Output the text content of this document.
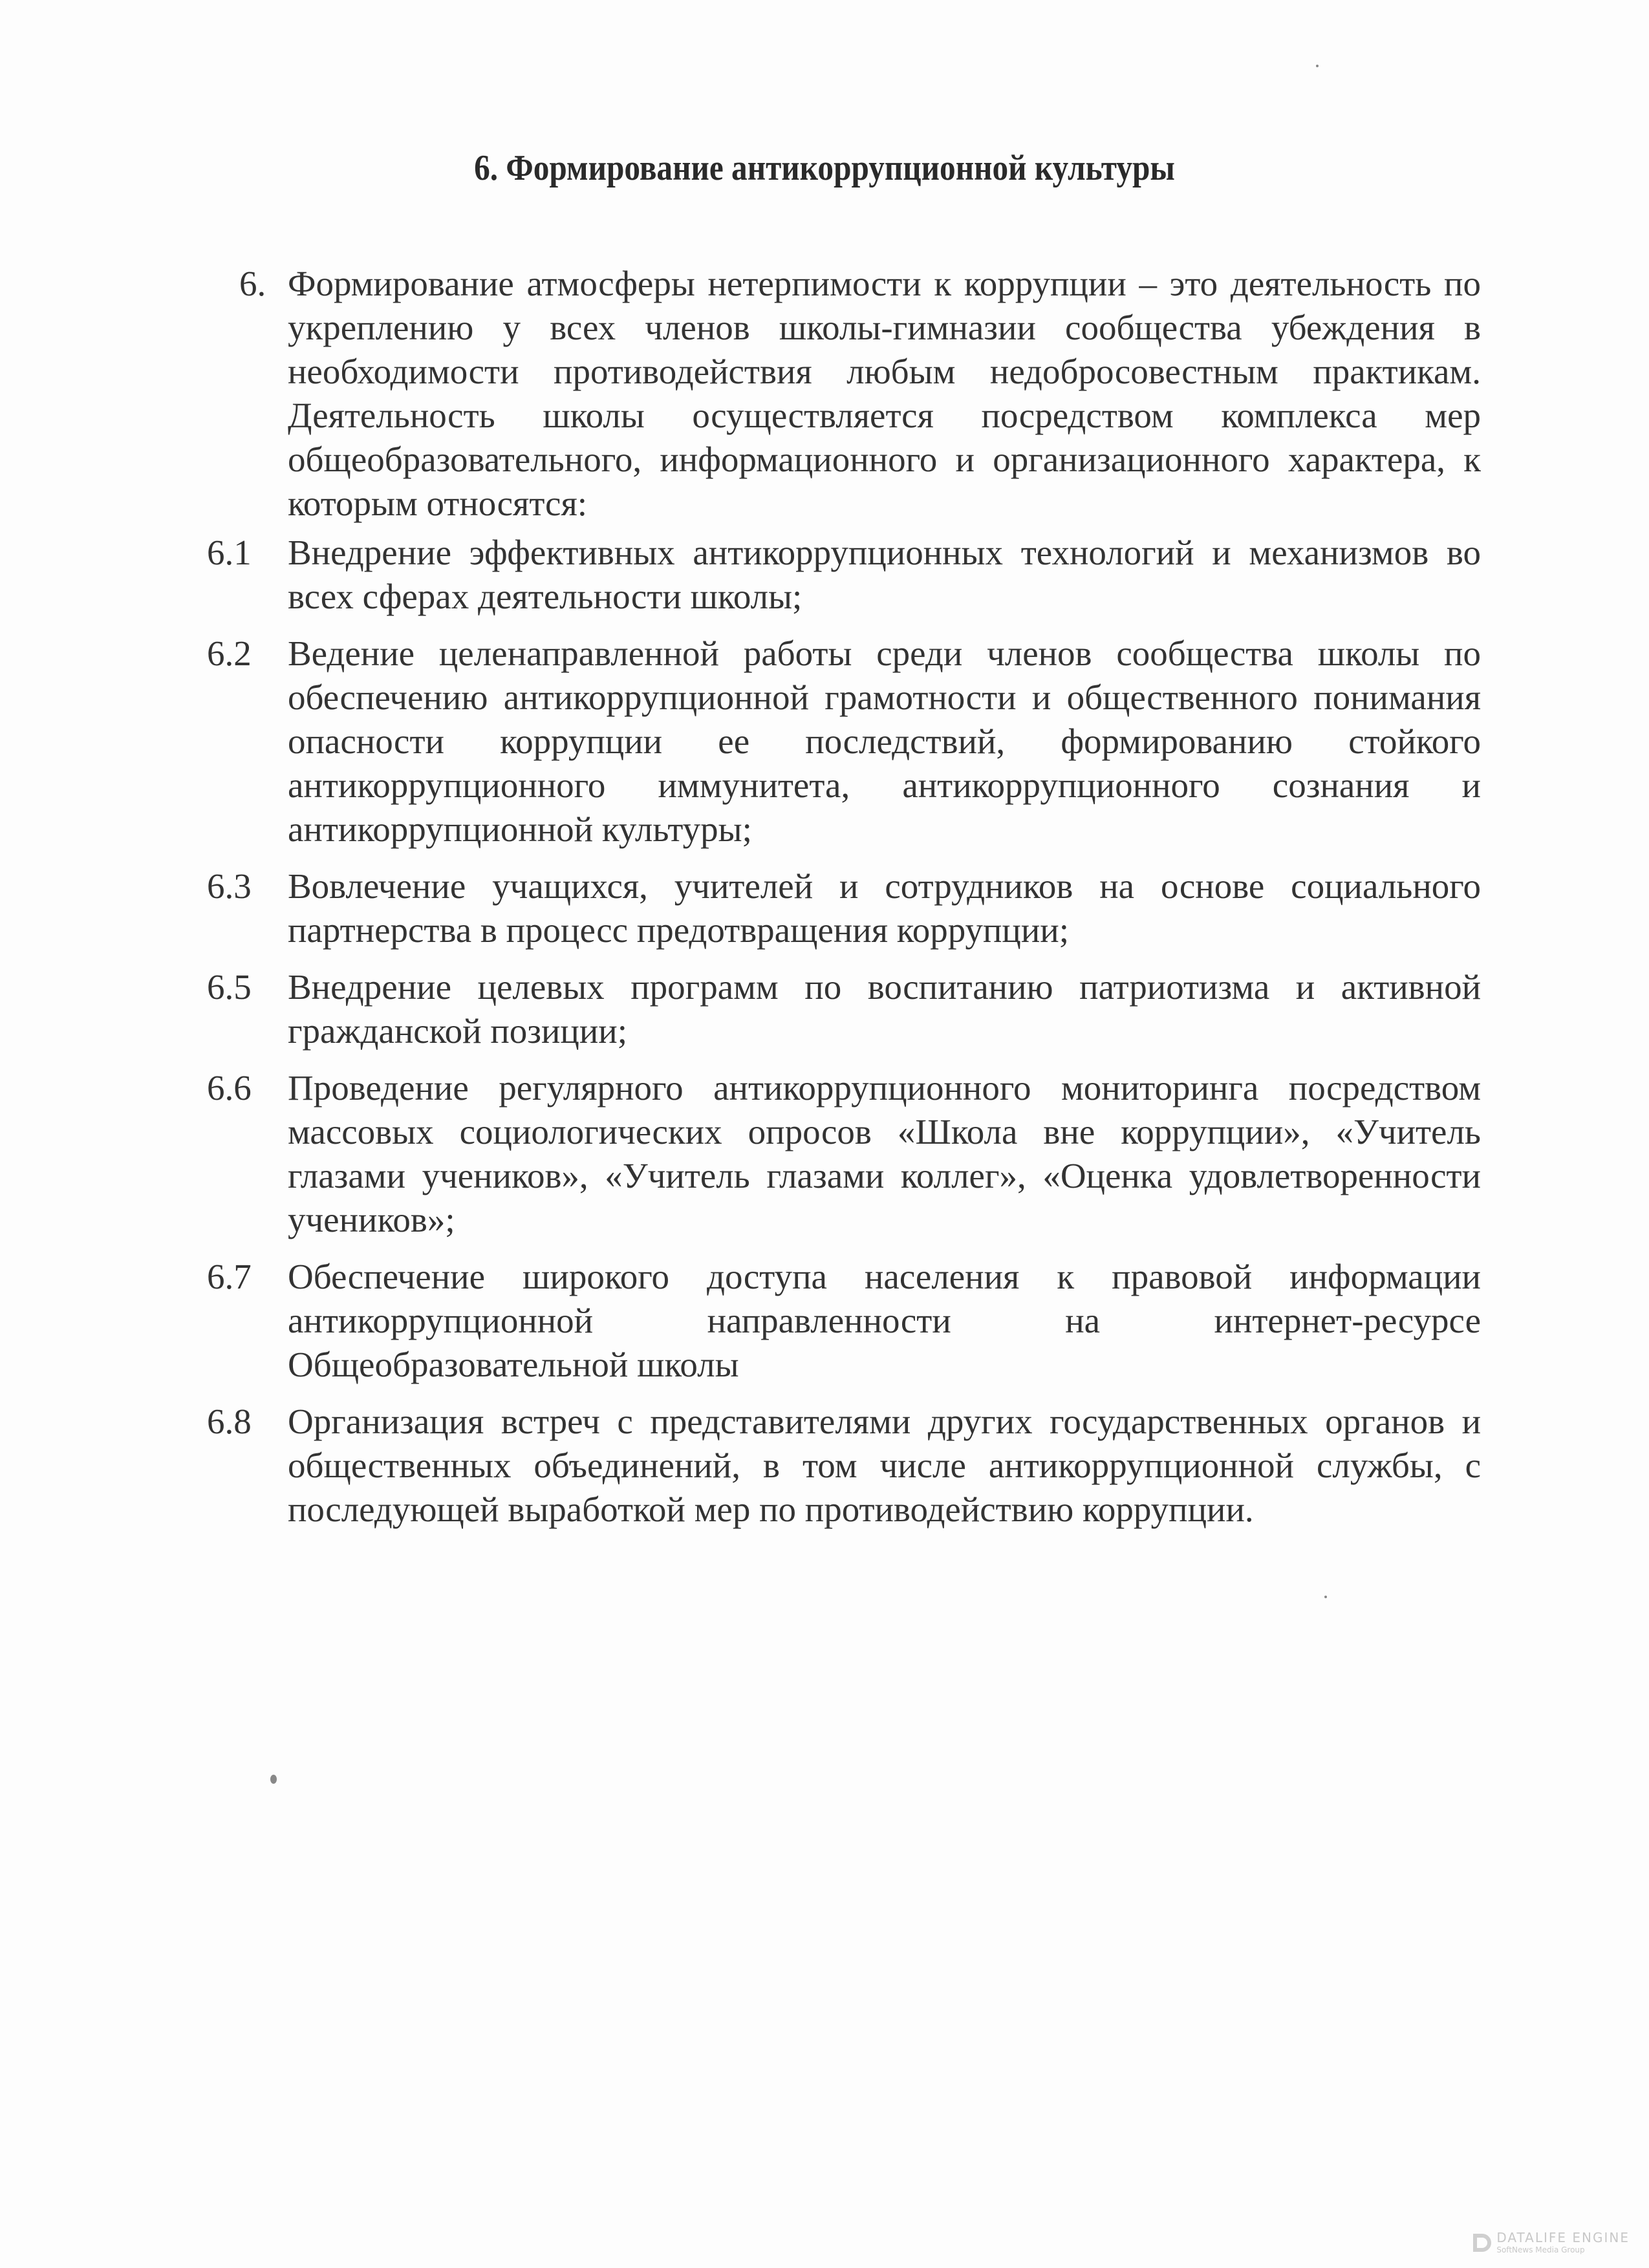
6. Формирование антикоррупционной культуры
6. Формирование атмосферы нетерпимости к коррупции – это деятельность по укреплению у всех членов школы-гимназии сообщества убеждения в необходимости противодействия любым недобросовестным практикам. Деятельность школы осуществляется посредством комплекса мер общеобразовательного, информационного и организационного характера, к которым относятся:
6.1 Внедрение эффективных антикоррупционных технологий и механизмов во всех сферах деятельности школы;
6.2 Ведение целенаправленной работы среди членов сообщества школы по обеспечению антикоррупционной грамотности и общественного понимания опасности коррупции ее последствий, формированию стойкого антикоррупционного иммунитета, антикоррупционного сознания и антикоррупционной культуры;
6.3 Вовлечение учащихся, учителей и сотрудников на основе социального партнерства в процесс предотвращения коррупции;
6.5 Внедрение целевых программ по воспитанию патриотизма и активной гражданской позиции;
6.6 Проведение регулярного антикоррупционного мониторинга посредством массовых социологических опросов «Школа вне коррупции», «Учитель глазами учеников», «Учитель глазами коллег», «Оценка удовлетворенности учеников»;
6.7 Обеспечение широкого доступа населения к правовой информации антикоррупционной направленности на интернет-ресурсе Общеобразовательной школы
6.8 Организация встреч с представителями других государственных органов и общественных объединений, в том числе антикоррупционной службы, с последующей выработкой мер по противодействию коррупции.
DATALIFE ENGINE
SoftNews Media Group
